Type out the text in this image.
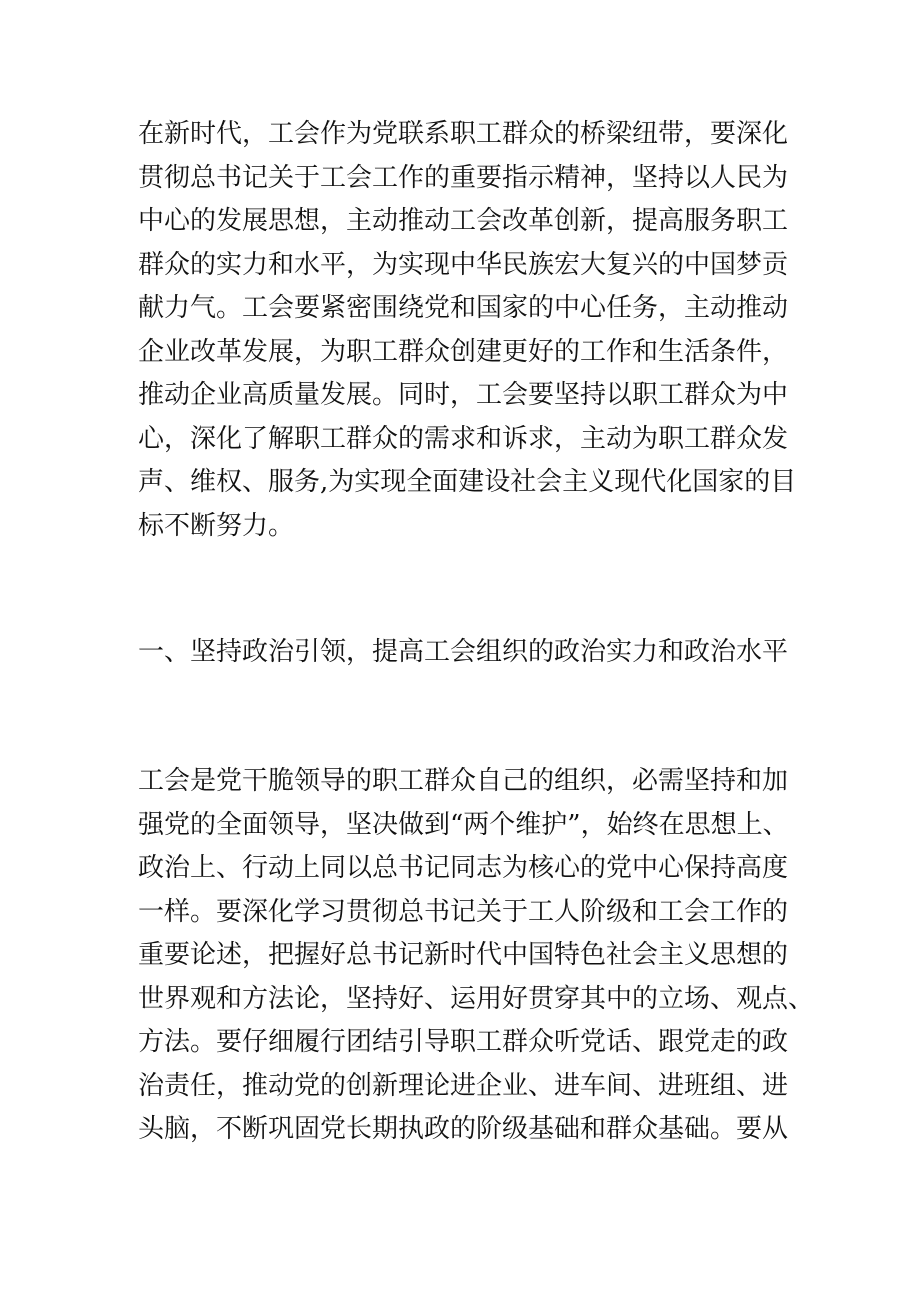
在新时代，工会作为党联系职工群众的桥梁纽带，要深化
贯彻总书记关于工会工作的重要指示精神，坚持以人民为
中心的发展思想，主动推动工会改革创新，提高服务职工
群众的实力和水平，为实现中华民族宏大复兴的中国梦贡
献力气。工会要紧密围绕党和国家的中心任务，主动推动
企业改革发展，为职工群众创建更好的工作和生活条件，
推动企业高质量发展。同时，工会要坚持以职工群众为中
心，深化了解职工群众的需求和诉求，主动为职工群众发
声、维权、服务,为实现全面建设社会主义现代化国家的目
标不断努力。
一、坚持政治引领，提高工会组织的政治实力和政治水平
工会是党干脆领导的职工群众自己的组织，必需坚持和加
强党的全面领导，坚决做到“两个维护”，始终在思想上、
政治上、行动上同以总书记同志为核心的党中心保持高度
一样。要深化学习贯彻总书记关于工人阶级和工会工作的
重要论述，把握好总书记新时代中国特色社会主义思想的
世界观和方法论，坚持好、运用好贯穿其中的立场、观点、
方法。要仔细履行团结引导职工群众听党话、跟党走的政
治责任，推动党的创新理论进企业、进车间、进班组、进
头脑，不断巩固党长期执政的阶级基础和群众基础。要从
